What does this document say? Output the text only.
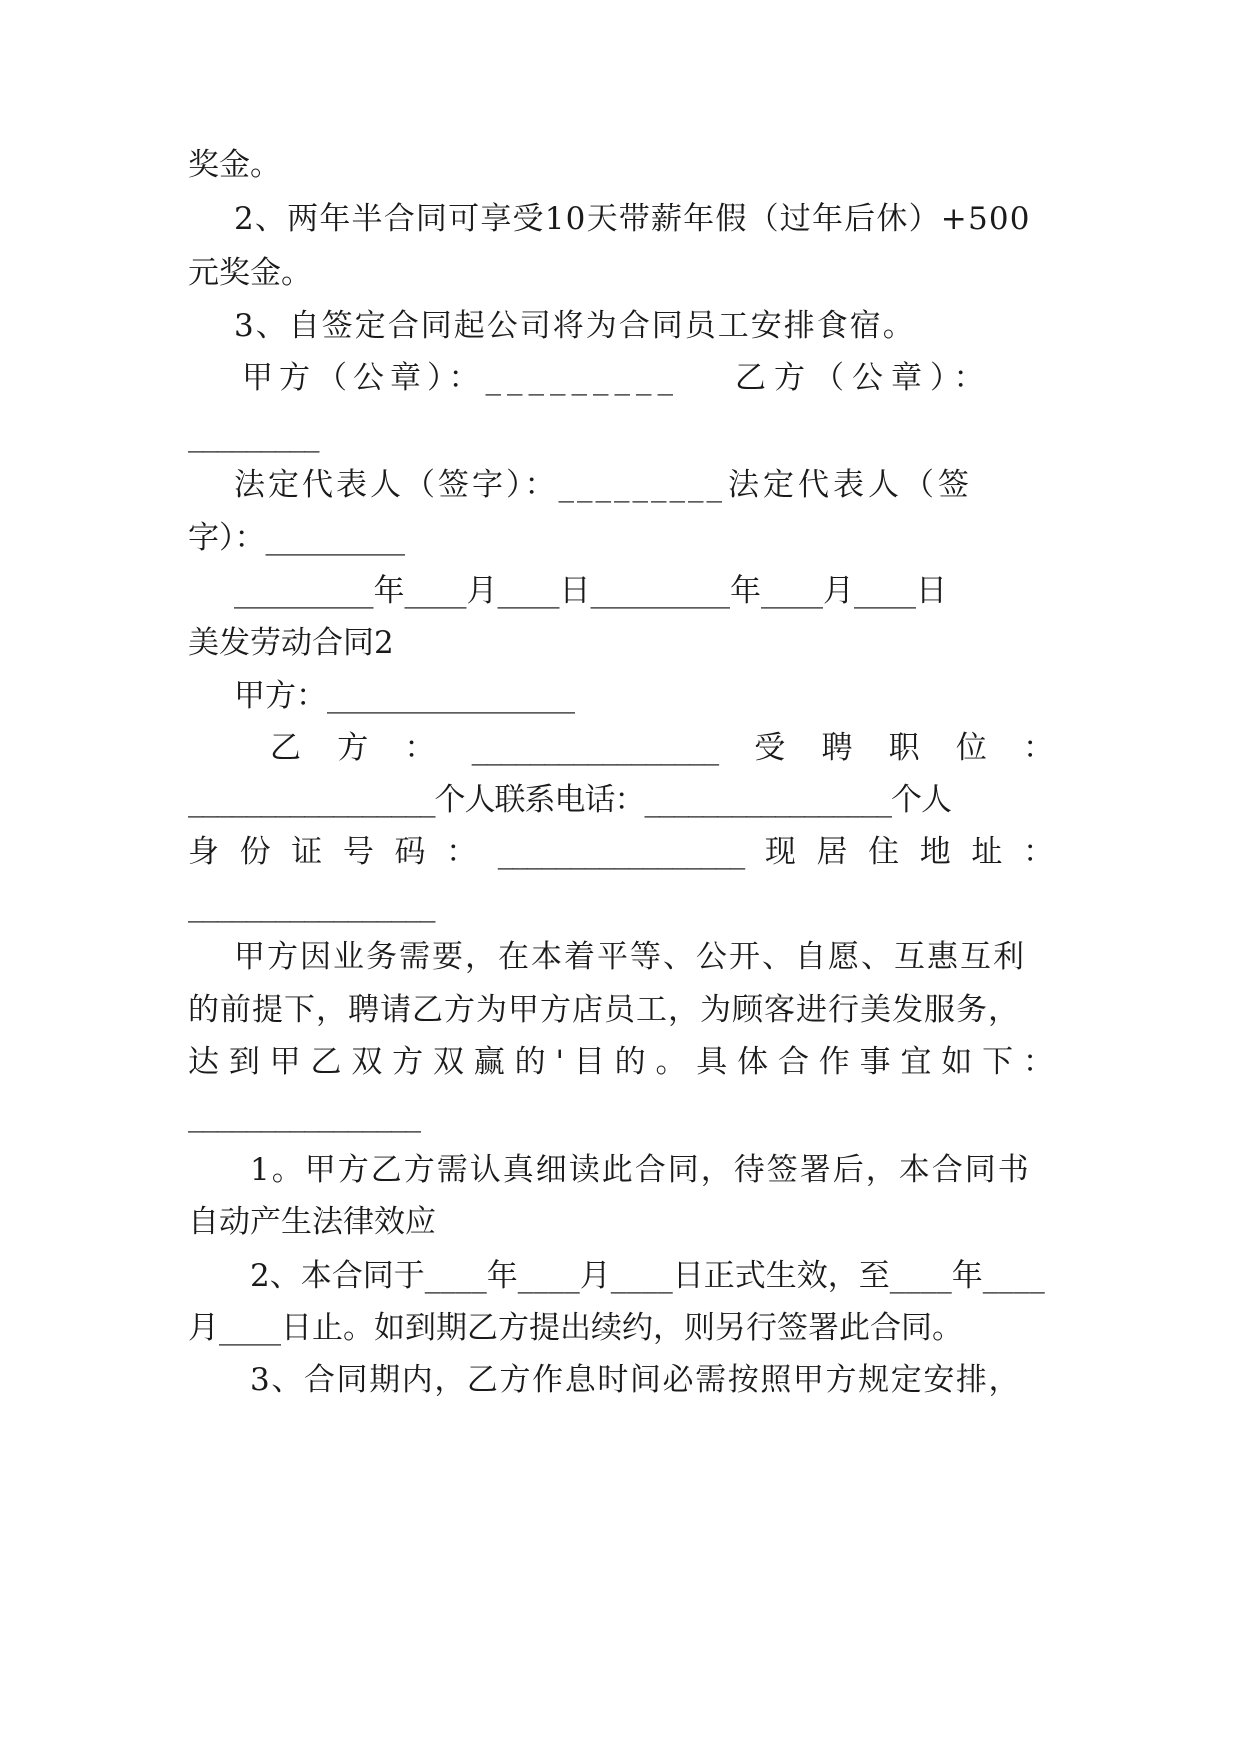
奖金。
2、两年半合同可享受10天带薪年假（过年后休）+500
元奖金。
3、自签定合同起公司将为合同员工安排食宿。
甲方（公章）：_________ 乙方（公章）：
_________
法定代表人（签字）：_________ 法定代表人（签
字）：_________
_________年____月____日_________年____月____日
美发劳动合同2
甲方：________________
乙 方 ： _________________ 受 聘 职 位 ：
_________________个人联系电话：_________________个人
身 份 证 号 码 ： _________________ 现 居 住 地 址 ：
_________________
甲方因业务需要，在本着平等、公开、自愿、互惠互利
的前提下，聘请乙方为甲方店员工，为顾客进行美发服务，
达 到 甲 乙 双 方 双 赢 的 ' 目 的 。 具 体 合 作 事 宜 如 下 ：
________________
1。甲方乙方需认真细读此合同，待签署后，本合同书
自动产生法律效应
2、本合同于____年____月____日正式生效，至____年____
月____日止。如到期乙方提出续约，则另行签署此合同。
3、合同期内，乙方作息时间必需按照甲方规定安排，
